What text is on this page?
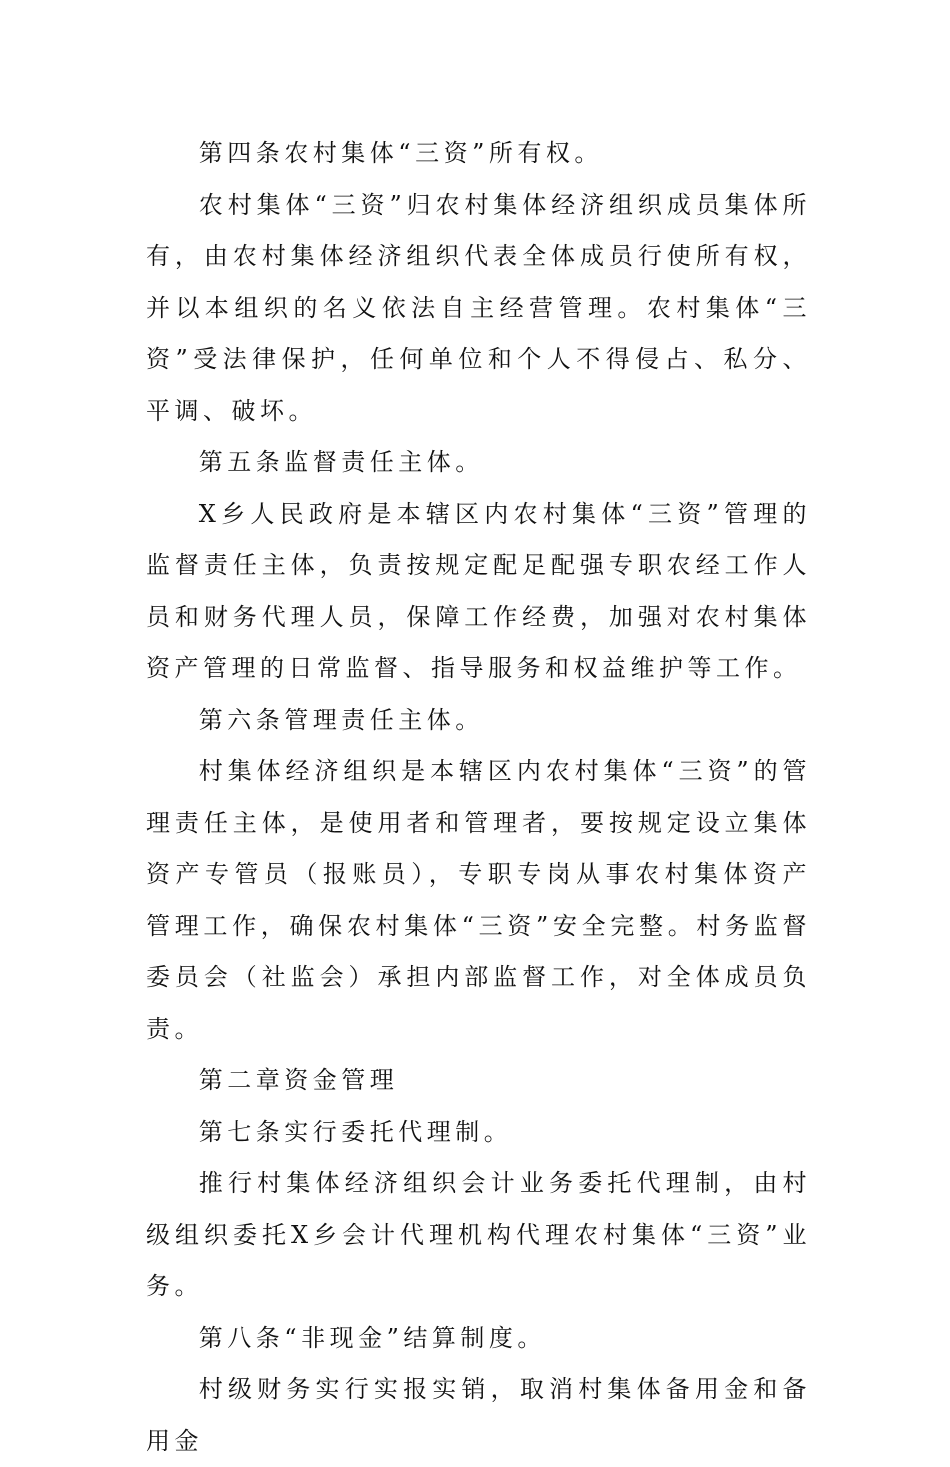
第四条农村集体“三资”所有权。

农村集体“三资”归农村集体经济组织成员集体所有，由农村集体经济组织代表全体成员行使所有权，并以本组织的名义依法自主经营管理。农村集体“三资”受法律保护，任何单位和个人不得侵占、私分、平调、破坏。

第五条监督责任主体。

X乡人民政府是本辖区内农村集体“三资”管理的监督责任主体，负责按规定配足配强专职农经工作人员和财务代理人员，保障工作经费，加强对农村集体资产管理的日常监督、指导服务和权益维护等工作。

第六条管理责任主体。

村集体经济组织是本辖区内农村集体“三资”的管理责任主体，是使用者和管理者，要按规定设立集体资产专管员（报账员），专职专岗从事农村集体资产管理工作，确保农村集体“三资”安全完整。村务监督委员会（社监会）承担内部监督工作，对全体成员负责。

第二章资金管理

第七条实行委托代理制。

推行村集体经济组织会计业务委托代理制，由村级组织委托X乡会计代理机构代理农村集体“三资”业务。

第八条“非现金”结算制度。

村级财务实行实报实销，取消村集体备用金和备用金
